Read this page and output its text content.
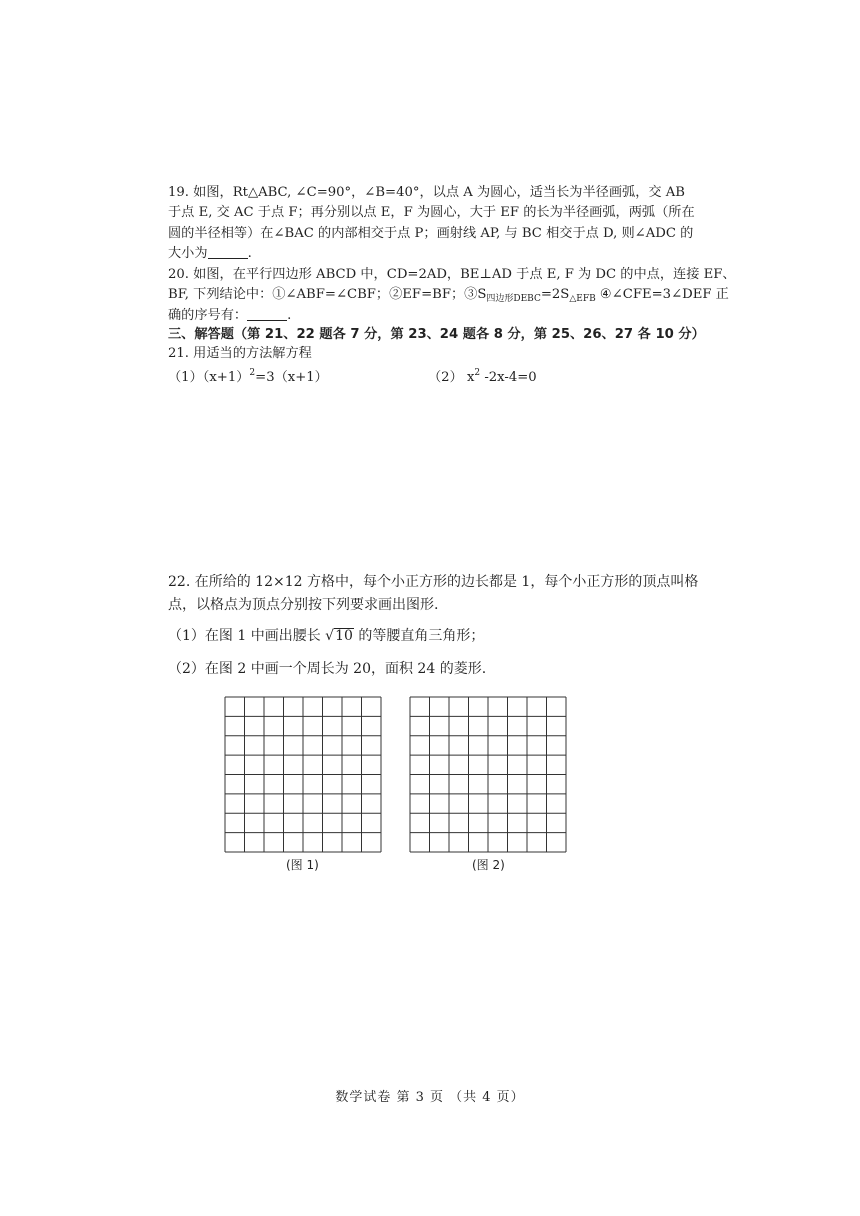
19. 如图，Rt△ABC, ∠C=90°，∠B=40°，以点 A 为圆心，适当长为半径画弧，交 AB
于点 E, 交 AC 于点 F；再分别以点 E，F 为圆心，大于 EF 的长为半径画弧，两弧（所在
圆的半径相等）在∠BAC 的内部相交于点 P；画射线 AP, 与 BC 相交于点 D, 则∠ADC 的
大小为	.
20. 如图，在平行四边形 ABCD 中，CD=2AD，BE⊥AD 于点 E, F 为 DC 的中点，连接 EF、
BF, 下列结论中：①∠ABF=∠CBF；②EF=BF；$③S_{四边形DEBC}=2S_{\triangle EFB}$ ④∠CFE=3∠DEF 正
确的序号有：	.
三、解答题（第 21、22 题各 7 分，第 23、24 题各 8 分，第 25、26、27 各 10 分）
21. 用适当的方法解方程
$(1)(x+1)^2=3(x+1)$	（2） $x^2$ -2x-4=0
22. 在所给的 12×12 方格中，每个小正方形的边长都是 1，每个小正方形的顶点叫格
点，以格点为顶点分别按下列要求画出图形.
（1）在图 1 中画出腰长 √10 的等腰直角三角形；
（2）在图 2 中画一个周长为 20，面积 24 的菱形.
(图 1)	(图 2)
数学试卷 第 3 页 （共 4 页）
